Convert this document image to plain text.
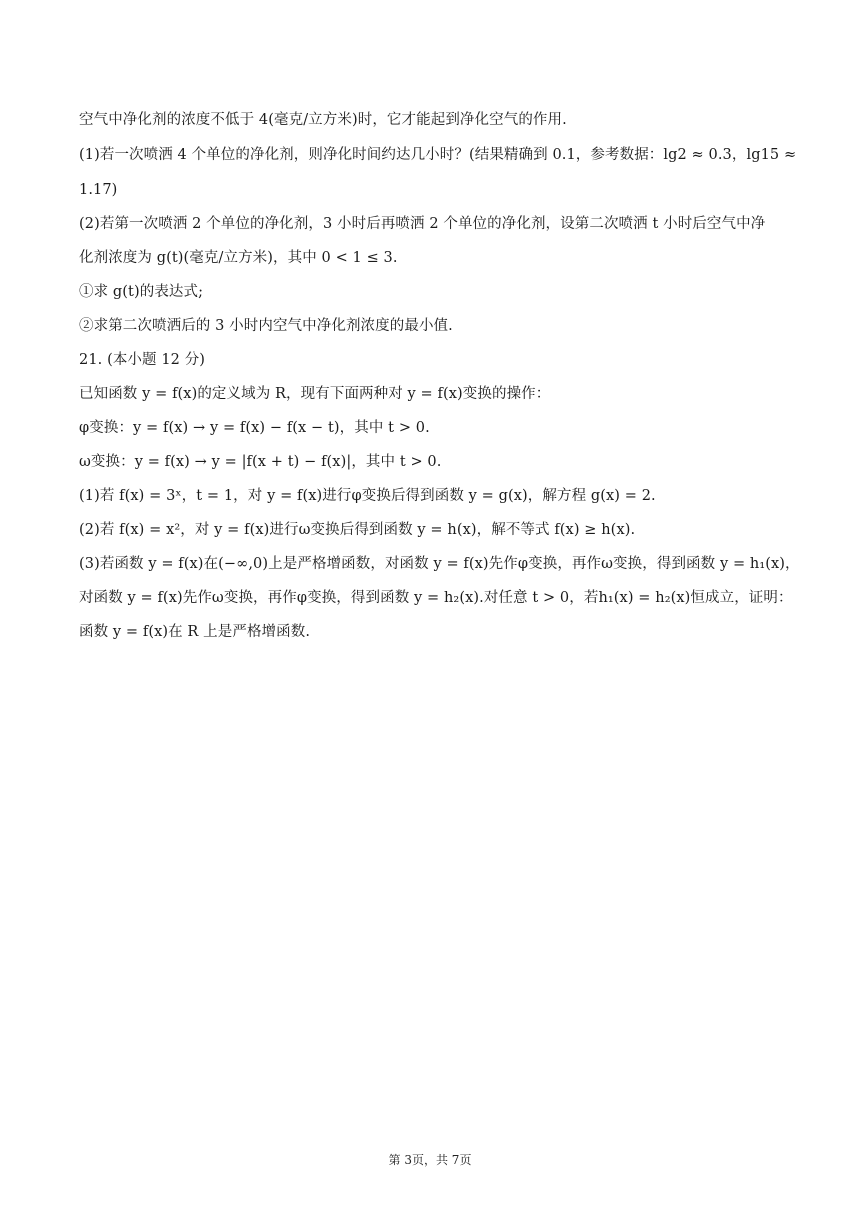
空气中净化剂的浓度不低于 4(毫克/立方米)时，它才能起到净化空气的作用.
(1)若一次喷洒 4 个单位的净化剂，则净化时间约达几小时？(结果精确到 0.1，参考数据：lg2 ≈ 0.3，lg15 ≈
1.17)
(2)若第一次喷洒 2 个单位的净化剂，3 小时后再喷洒 2 个单位的净化剂，设第二次喷洒 t 小时后空气中净
化剂浓度为 g(t)(毫克/立方米)，其中 0 < 1 ≤ 3.
①求 g(t)的表达式;
②求第二次喷洒后的 3 小时内空气中净化剂浓度的最小值.
21. (本小题 12 分)
已知函数 y = f(x)的定义域为 R，现有下面两种对 y = f(x)变换的操作：
φ变换：y = f(x) → y = f(x) − f(x − t)，其中 t > 0.
ω变换：y = f(x) → y = |f(x + t) − f(x)|，其中 t > 0.
(1)若 f(x) = 3ˣ，t = 1，对 y = f(x)进行φ变换后得到函数 y = g(x)，解方程 g(x) = 2.
(2)若 f(x) = x²，对 y = f(x)进行ω变换后得到函数 y = h(x)，解不等式 f(x) ≥ h(x).
(3)若函数 y = f(x)在(−∞,0)上是严格增函数，对函数 y = f(x)先作φ变换，再作ω变换，得到函数 y = h₁(x)，
对函数 y = f(x)先作ω变换，再作φ变换，得到函数 y = h₂(x).对任意 t > 0，若h₁(x) = h₂(x)恒成立，证明：
函数 y = f(x)在 R 上是严格增函数.
第 3页，共 7页
